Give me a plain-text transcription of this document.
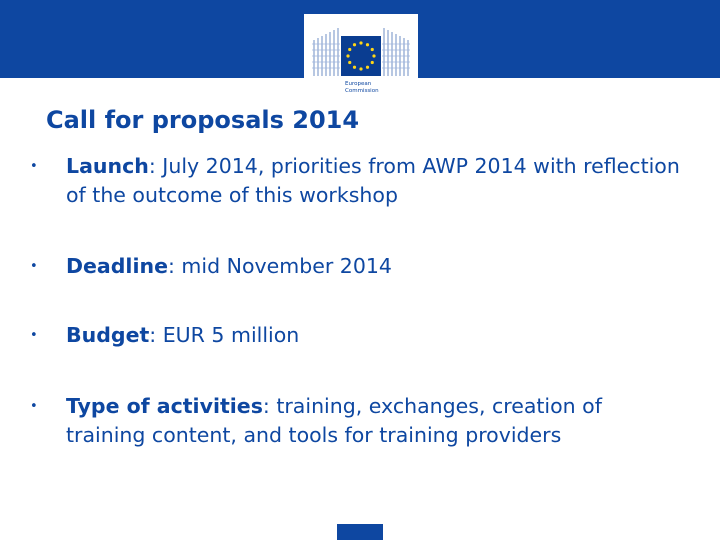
European
Commission
Call for proposals 2014
•	Launch: July 2014, priorities from AWP 2014 with reflection of the outcome of this workshop
•	Deadline: mid November 2014
•	Budget: EUR 5 million
•	Type of activities: training, exchanges, creation of training content, and tools for training providers
